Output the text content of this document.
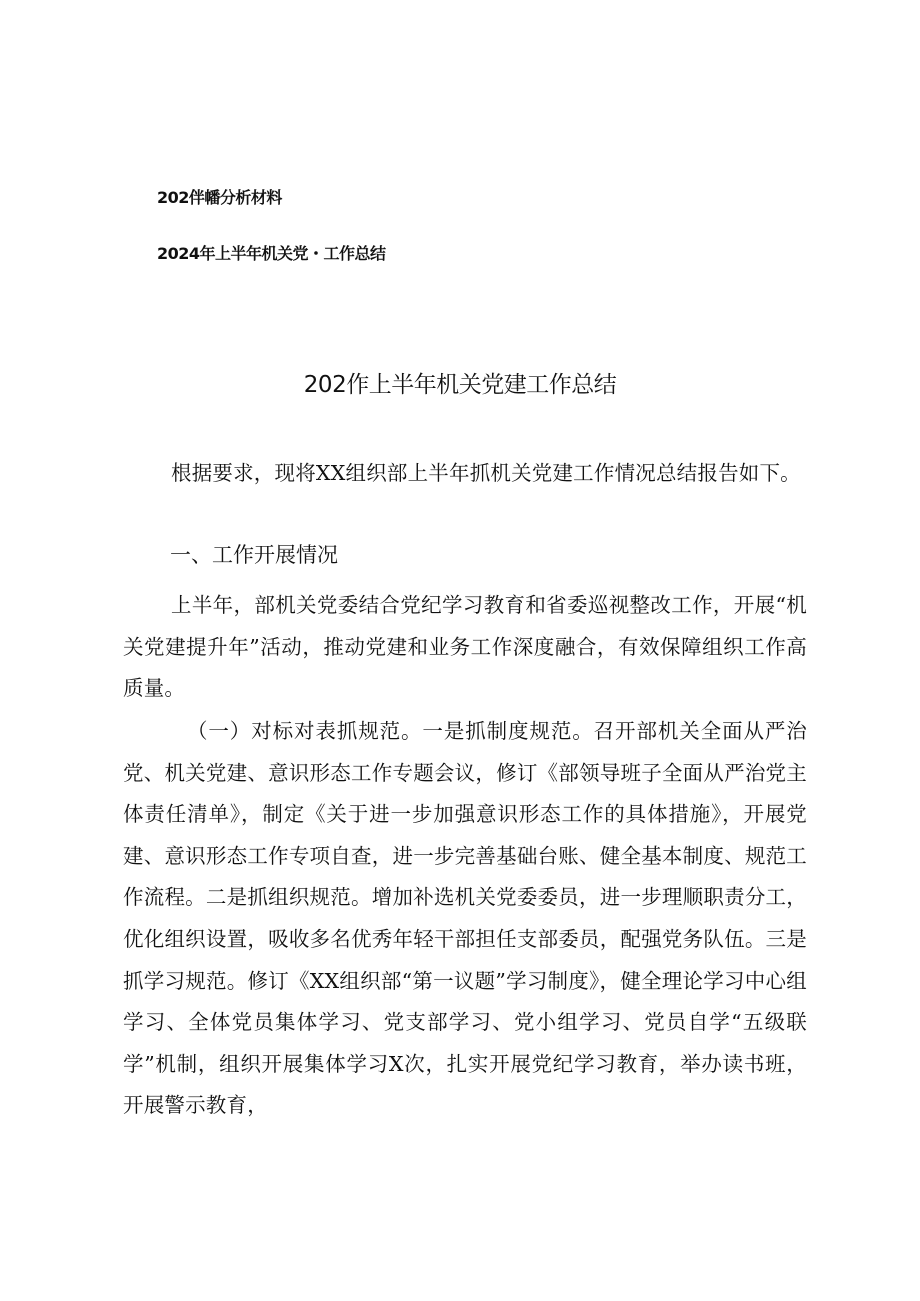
202伴幡分析材料
2024年上半年机关党・工作总结
202作上半年机关党建工作总结
根据要求，现将XX组织部上半年抓机关党建工作情况总结报告如下。
一、工作开展情况
上半年，部机关党委结合党纪学习教育和省委巡视整改工作，开展“机关党建提升年”活动，推动党建和业务工作深度融合，有效保障组织工作高质量。
（一）对标对表抓规范。一是抓制度规范。召开部机关全面从严治党、机关党建、意识形态工作专题会议，修订《部领导班子全面从严治党主体责任清单》，制定《关于进一步加强意识形态工作的具体措施》，开展党建、意识形态工作专项自查，进一步完善基础台账、健全基本制度、规范工作流程。二是抓组织规范。增加补选机关党委委员，进一步理顺职责分工，优化组织设置，吸收多名优秀年轻干部担任支部委员，配强党务队伍。三是抓学习规范。修订《XX组织部“第一议题”学习制度》，健全理论学习中心组学习、全体党员集体学习、党支部学习、党小组学习、党员自学“五级联学”机制，组织开展集体学习X次，扎实开展党纪学习教育，举办读书班，开展警示教育，
